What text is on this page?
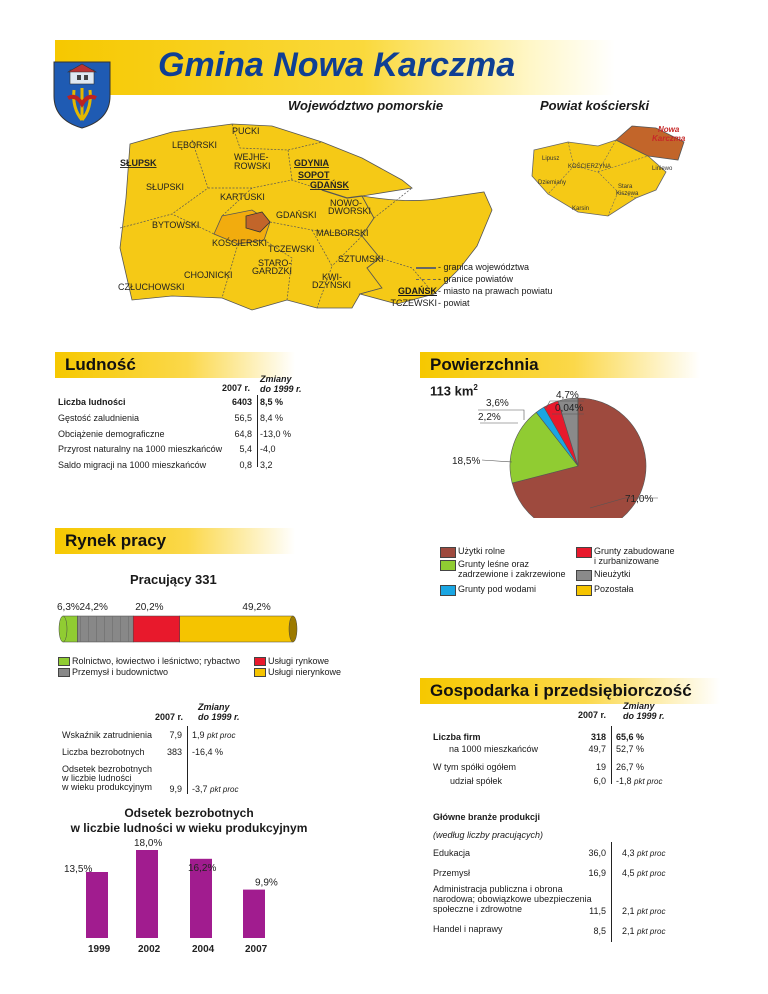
Gmina Nowa Karczma
Województwo pomorskie	Powiat kościerski
PUCKI
LĘBORSKI
WEJHE-
ROWSKI	GDYNIA
SOPOT
GDAŃSK
SŁUPSK
SŁUPSKI
KARTUSKI
NOWO-
DWORSKI
GDAŃSKI
BYTOWSKI
MALBORSKI
KOŚCIERSKI
TCZEWSKI
SZTUMSKI
STARO-
GARDZKI
KWI-
DZYŃSKI
CHOJNICKI
CZŁUCHOWSKI
Lipusz
KOŚCIERZYNA	Liniewo
Dziemiany
Stara
Kiszewa
Karsin
Nowa
Karczma
- granica województwa
- granice powiatów
GDAŃSK - miasto na prawach powiatu
TCZEWSKI - powiat
Ludność
2007 r.
Zmiany
do 1999 r.
Liczba ludności	6403 8,5 %
Gęstość zaludnienia	56,5 8,4 %
Obciążenie demograficzne	64,8 -13,0 %
Przyrost naturalny na 1000 mieszkańców	5,4 -4,0
Saldo migracji na 1000 mieszkańców	0,8 3,2
Powierzchnia
113 $km^2$
71,0%
18,5%
3,6%
2,2%
4,7%
0,04%
Użytki rolne
Grunty leśne oraz
zadrzewione i zakrzewione
Grunty pod wodami
Grunty zabudowane
i zurbanizowane
Nieużytki
Pozostała
Rynek pracy
Pracujący 331
6,3% 24,2%	20,2%	49,2%
Rolnictwo, łowiectwo i leśnictwo; rybactwo
Przemysł i budownictwo
Usługi rynkowe
Usługi nierynkowe
2007 r.
Zmiany
do 1999 r.
Wskaźnik zatrudnienia	7,9 1,9 pkt proc
Liczba bezrobotnych	383 -16,4 %
Odsetek bezrobotnych
w liczbie ludności
w wieku produkcyjnym	9,9 -3,7 pkt proc
Odsetek bezrobotnych
w liczbie ludności w wieku produkcyjnym
13,5%
1999
18,0%
2002
16,2%
2004
9,9%
2007
Gospodarka i przedsiębiorczość
2007 r.
Zmiany
do 1999 r.
Liczba firm	318 65,6 %
na 1000 mieszkańców	49,7 52,7 %
W tym spółki ogółem	19 26,7 %
udział spółek	6,0 -1,8 pkt proc
Główne branże produkcji
(według liczby pracujących)
Edukacja	36,0 4,3 pkt proc
Przemysł	16,9 4,5 pkt proc
Administracja publiczna i obrona
narodowa; obowiązkowe ubezpieczenia
społeczne i zdrowotne	11,5 2,1 pkt proc
Handel i naprawy	8,5 2,1 pkt proc
